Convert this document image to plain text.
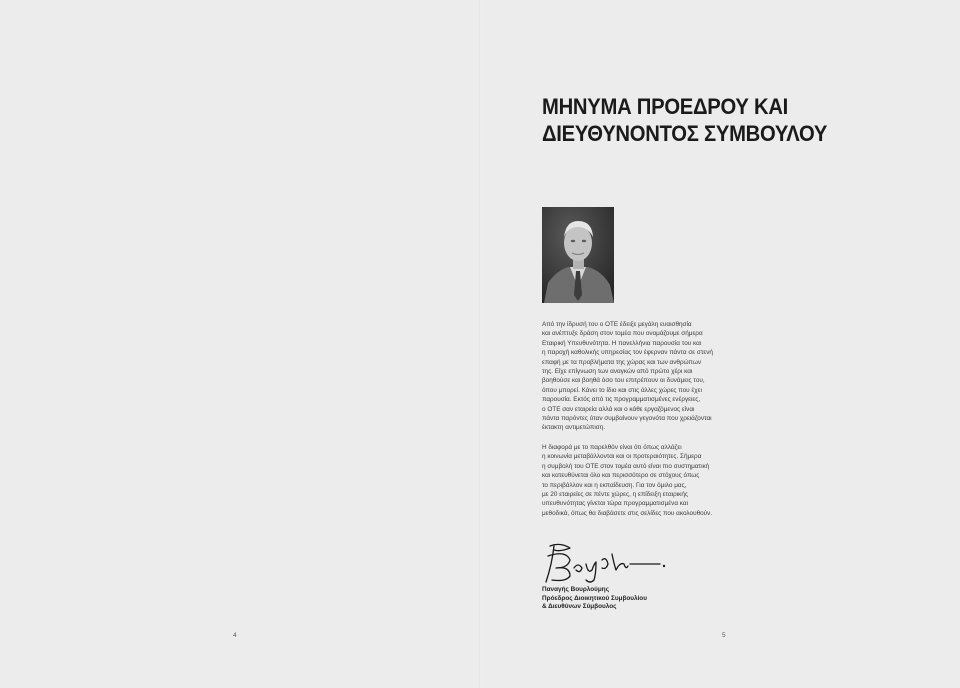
ΜΗΝΥΜΑ ΠΡΟΕΔΡΟΥ ΚΑΙ
ΔΙΕΥΘΥΝΟΝΤΟΣ ΣΥΜΒΟΥΛΟΥ

Από την ίδρυσή του ο ΟΤΕ έδειξε μεγάλη ευαισθησία
και ανέπτυξε δράση στον τομέα που ονομάζουμε σήμερα
Εταιρική Υπευθυνότητα. Η πανελλήνια παρουσία του και
η παροχή καθολικής υπηρεσίας τον έφερναν πάντα σε στενή
επαφή με τα προβλήματα της χώρας και των ανθρώπων
της. Είχε επίγνωση των αναγκών από πρώτο χέρι και
βοηθούσε και βοηθά όσο του επιτρέπουν οι δυνάμεις του,
όπου μπορεί. Κάνει το ίδιο και στις άλλες χώρες που έχει
παρουσία. Εκτός από τις προγραμματισμένες ενέργειες,
ο ΟΤΕ σαν εταιρεία αλλά και ο κάθε εργαζόμενος είναι
πάντα παρόντες όταν συμβαίνουν γεγονότα που χρειάζονται
έκτακτη αντιμετώπιση.

Η διαφορά με το παρελθόν είναι ότι όπως αλλάζει
η κοινωνία μεταβάλλονται και οι προτεραιότητες. Σήμερα
η συμβολή του ΟΤΕ στον τομέα αυτό είναι πιο συστηματική
και κατευθύνεται όλο και περισσότερο σε στόχους όπως
το περιβάλλον και η εκπαίδευση. Για τον όμιλο μας,
με 20 εταιρείες σε πέντε χώρες, η επίδειξη εταιρικής
υπευθυνότητας γίνεται τώρα προγραμματισμένα και
μεθοδικά, όπως θα διαβάσετε στις σελίδες που ακολουθούν.

Παναγής Βουρλούμης
Πρόεδρος Διοικητικού Συμβουλίου
& Διευθύνων Σύμβουλος
4	5
